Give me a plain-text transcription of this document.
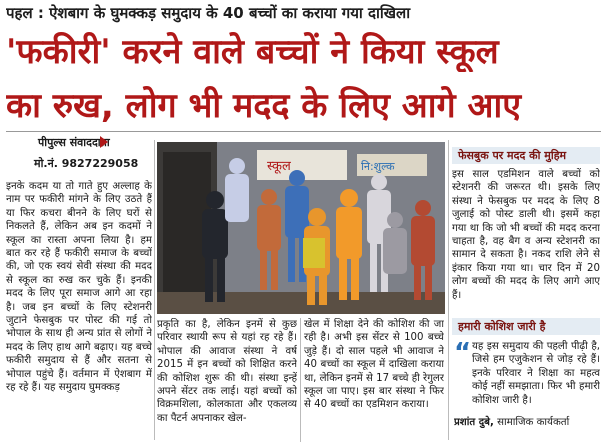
पहल : ऐशबाग के घुमक्कड़ समुदाय के 40 बच्चों का कराया गया दाखिला
'फकीरी' करने वाले बच्चों ने किया स्कूल
का रुख, लोग भी मदद के लिए आगे आए
पीपुल्स संवाददाता
मो.नं. 9827229058
इनके कदम या तो गाते हुए अल्लाह के नाम पर फकीरी मांगने के लिए उठते हैं या फिर कचरा बीनने के लिए घरों से निकलते हैं, लेकिन अब इन कदमों ने स्कूल का रास्ता अपना लिया है। हम बात कर रहे हैं फकीरी समाज के बच्चों की, जो एक स्वयं सेवी संस्था की मदद से स्कूल का रुख कर चुके हैं। इनकी मदद के लिए पूरा समाज आगे आ रहा है। जब इन बच्चों के लिए स्टेशनरी जुटाने फेसबुक पर पोस्ट की गई तो भोपाल के साथ ही अन्य प्रांत से लोगों ने मदद के लिए हाथ आगे बढ़ाए। यह बच्चे फकीरी समुदाय से हैं और सतना से भोपाल पहुंचे हैं। वर्तमान में ऐशबाग में रह रहे हैं। यह समुदाय घुमक्कड़
स्कूल	नि:शुल्क
प्रकृति का है, लेकिन इनमें से कुछ परिवार स्थायी रूप से यहां रह रहे हैं। भोपाल की आवाज संस्था ने वर्ष 2015 में इन बच्चों को शिक्षित करने की कोशिश शुरू की थी। संस्था इन्हें अपने सेंटर तक लाई। यहां बच्चों को विक्रमशिला, कोलकाता और एकलव्य का पैटर्न अपनाकर खेल-
खेल में शिक्षा देने की कोशिश की जा रही है। अभी इस सेंटर से 100 बच्चे जुड़े हैं। दो साल पहले भी आवाज ने 40 बच्चों का स्कूल में दाखिला कराया था, लेकिन इनमें से 17 बच्चे ही रेगुलर स्कूल जा पाए। इस बार संस्था ने फिर से 40 बच्चों का एडमिशन कराया।
फेसबुक पर मदद की मुहिम
इस साल एडमिशन वाले बच्चों को स्टेशनरी की जरूरत थी। इसके लिए संस्था ने फेसबुक पर मदद के लिए 8 जुलाई को पोस्ट डाली थी। इसमें कहा गया था कि जो भी बच्चों की मदद करना चाहता है, वह बैग व अन्य स्टेशनरी का सामान दे सकता है। नकद राशि लेने से इंकार किया गया था। चार दिन में 20 लोग बच्चों की मदद के लिए आगे आए हैं।
हमारी कोशिश जारी है
“ यह इस समुदाय की पहली पीढ़ी है, जिसे हम एजुकेशन से जोड़ रहे हैं। इनके परिवार ने शिक्षा का महत्व कोई नहीं समझाता। फिर भी हमारी कोशिश जारी है।
प्रशांत दुबे, सामाजिक कार्यकर्ता
